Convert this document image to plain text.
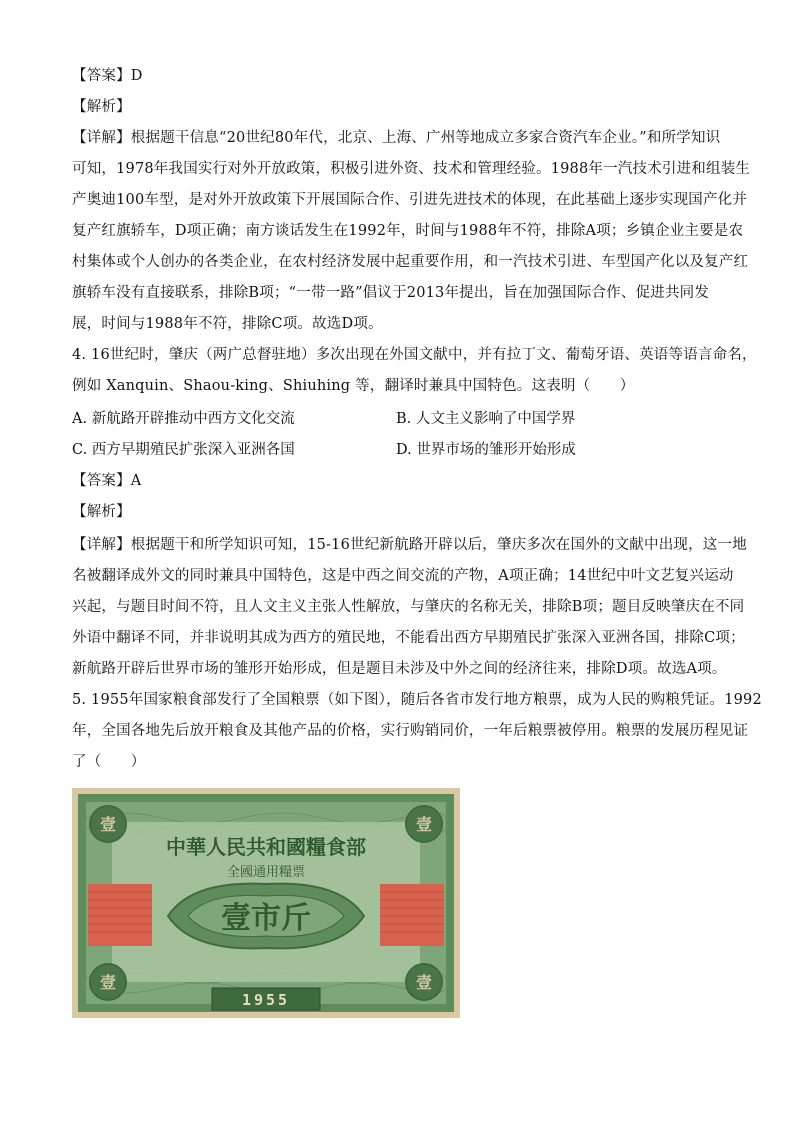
【答案】D
【解析】
【详解】根据题干信息“20世纪80年代，北京、上海、广州等地成立多家合资汽车企业。”和所学知识
可知，1978年我国实行对外开放政策，积极引进外资、技术和管理经验。1988年一汽技术引进和组装生
产奥迪100车型，是对外开放政策下开展国际合作、引进先进技术的体现，在此基础上逐步实现国产化并
复产红旗轿车，D项正确；南方谈话发生在1992年，时间与1988年不符，排除A项；乡镇企业主要是农
村集体或个人创办的各类企业，在农村经济发展中起重要作用，和一汽技术引进、车型国产化以及复产红
旗轿车没有直接联系，排除B项；“一带一路”倡议于2013年提出，旨在加强国际合作、促进共同发
展，时间与1988年不符，排除C项。故选D项。
4. 16世纪时，肇庆（两广总督驻地）多次出现在外国文献中，并有拉丁文、葡萄牙语、英语等语言命名，
例如 Xanquin、Shaou-king、Shiuhing 等，翻译时兼具中国特色。这表明（　　）
A. 新航路开辟推动中西方文化交流	B. 人文主义影响了中国学界
C. 西方早期殖民扩张深入亚洲各国	D. 世界市场的雏形开始形成
【答案】A
【解析】
【详解】根据题干和所学知识可知，15-16世纪新航路开辟以后，肇庆多次在国外的文献中出现，这一地
名被翻译成外文的同时兼具中国特色，这是中西之间交流的产物，A项正确；14世纪中叶文艺复兴运动
兴起，与题目时间不符，且人文主义主张人性解放，与肇庆的名称无关，排除B项；题目反映肇庆在不同
外语中翻译不同，并非说明其成为西方的殖民地，不能看出西方早期殖民扩张深入亚洲各国，排除C项；
新航路开辟后世界市场的雏形开始形成，但是题目未涉及中外之间的经济往来，排除D项。故选A项。
5. 1955年国家粮食部发行了全国粮票（如下图），随后各省市发行地方粮票，成为人民的购粮凭证。1992
年，全国各地先后放开粮食及其他产品的价格，实行购销同价，一年后粮票被停用。粮票的发展历程见证
了（　　）
中華人民共和國糧食部
全國通用糧票
壹市斤
壹	壹
壹	壹
1955
